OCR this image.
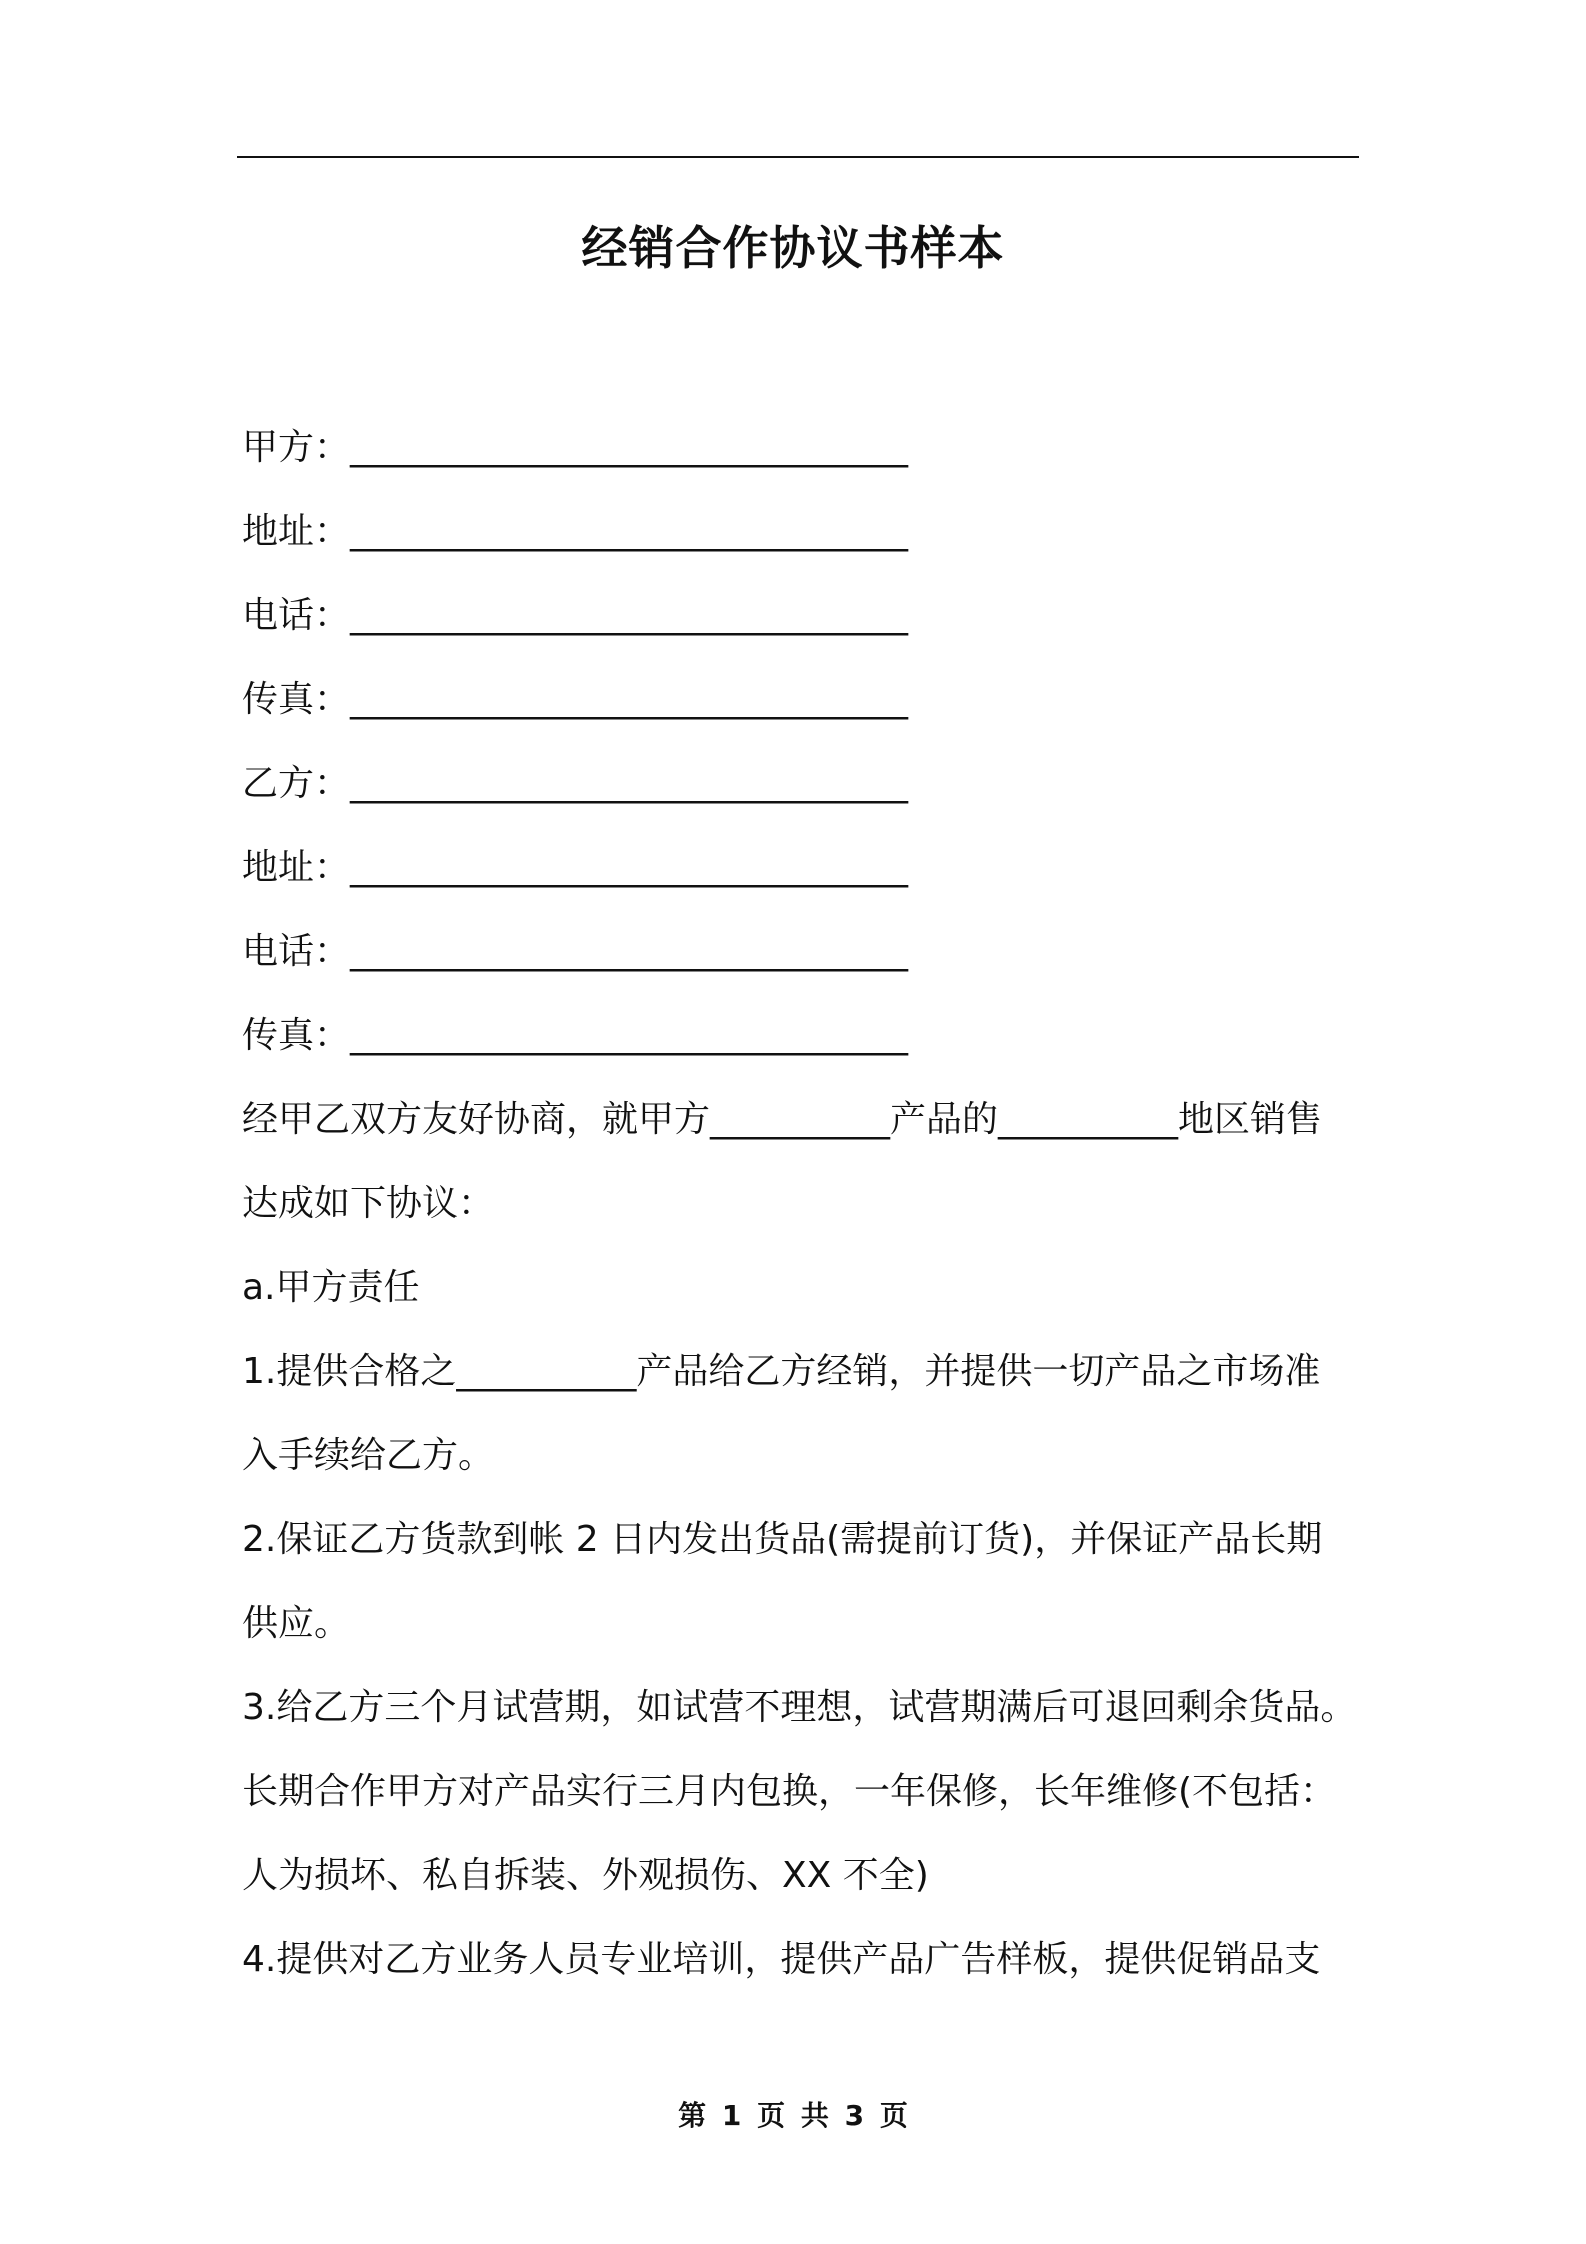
经销合作协议书样本
甲方：_______________________________
地址：_______________________________
电话：_______________________________
传真：_______________________________
乙方：_______________________________
地址：_______________________________
电话：_______________________________
传真：_______________________________
经甲乙双方友好协商，就甲方__________产品的__________地区销售
达成如下协议：
a.甲方责任
1.提供合格之__________产品给乙方经销，并提供一切产品之市场准
入手续给乙方。
2.保证乙方货款到帐 2 日内发出货品(需提前订货)，并保证产品长期
供应。
3.给乙方三个月试营期，如试营不理想，试营期满后可退回剩余货品。
长期合作甲方对产品实行三月内包换，一年保修，长年维修(不包括：
人为损坏、私自拆装、外观损伤、XX 不全)
4.提供对乙方业务人员专业培训，提供产品广告样板，提供促销品支
第 1 页 共 3 页
